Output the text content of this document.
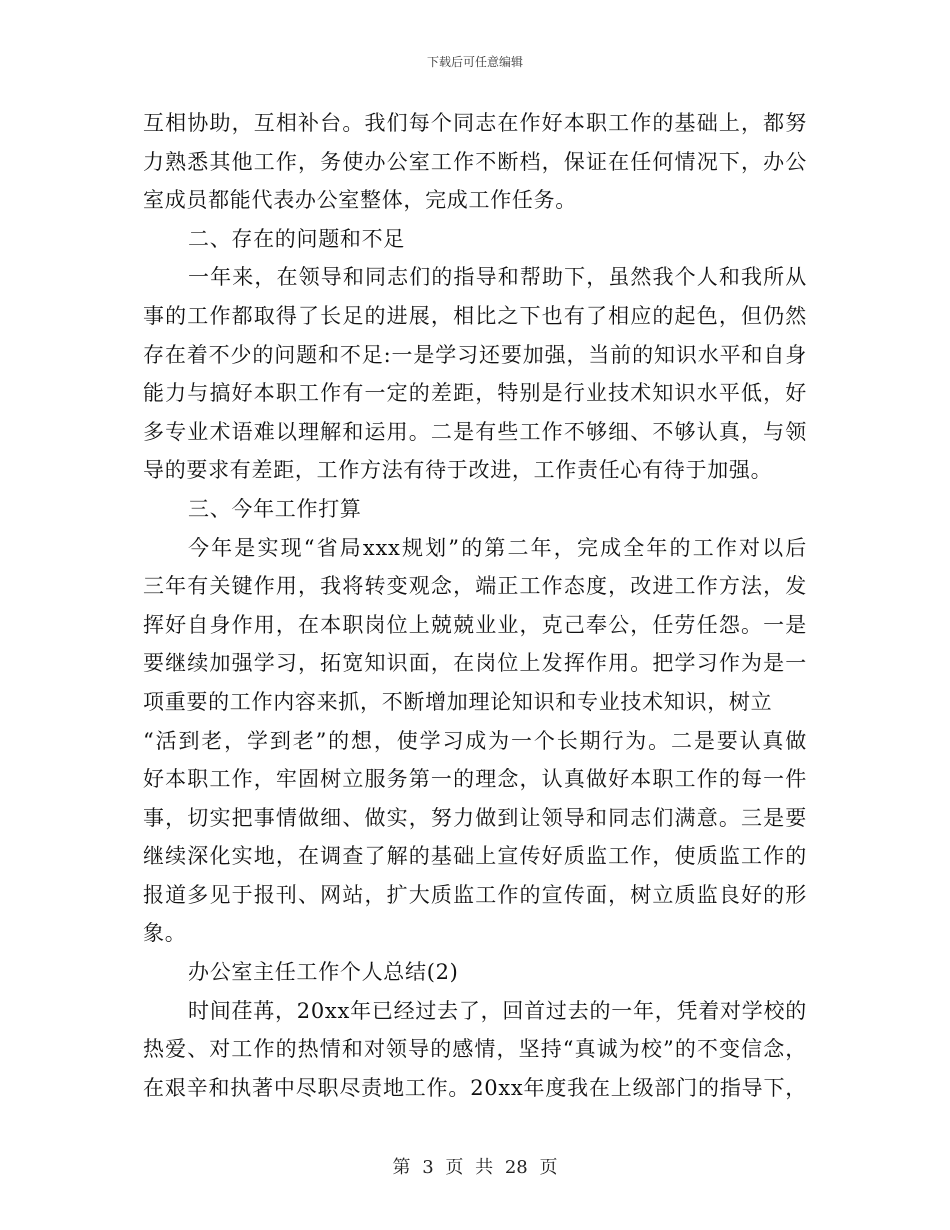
下载后可任意编辑
互相协助，互相补台。我们每个同志在作好本职工作的基础上，都努
力熟悉其他工作，务使办公室工作不断档，保证在任何情况下，办公
室成员都能代表办公室整体，完成工作任务。
二、存在的问题和不足
一年来，在领导和同志们的指导和帮助下，虽然我个人和我所从
事的工作都取得了长足的进展，相比之下也有了相应的起色，但仍然
存在着不少的问题和不足:一是学习还要加强，当前的知识水平和自身
能力与搞好本职工作有一定的差距，特别是行业技术知识水平低，好
多专业术语难以理解和运用。二是有些工作不够细、不够认真，与领
导的要求有差距，工作方法有待于改进，工作责任心有待于加强。
三、今年工作打算
今年是实现“省局xxx规划”的第二年，完成全年的工作对以后
三年有关键作用，我将转变观念，端正工作态度，改进工作方法，发
挥好自身作用，在本职岗位上兢兢业业，克己奉公，任劳任怨。一是
要继续加强学习，拓宽知识面，在岗位上发挥作用。把学习作为是一
项重要的工作内容来抓，不断增加理论知识和专业技术知识，树立
“活到老，学到老”的想，使学习成为一个长期行为。二是要认真做
好本职工作，牢固树立服务第一的理念，认真做好本职工作的每一件
事，切实把事情做细、做实，努力做到让领导和同志们满意。三是要
继续深化实地，在调查了解的基础上宣传好质监工作，使质监工作的
报道多见于报刊、网站，扩大质监工作的宣传面，树立质监良好的形
象。
办公室主任工作个人总结(2)
时间荏苒，20xx年已经过去了，回首过去的一年，凭着对学校的
热爱、对工作的热情和对领导的感情，坚持“真诚为校”的不变信念，
在艰辛和执著中尽职尽责地工作。20xx年度我在上级部门的指导下，
第 3 页 共 28 页
